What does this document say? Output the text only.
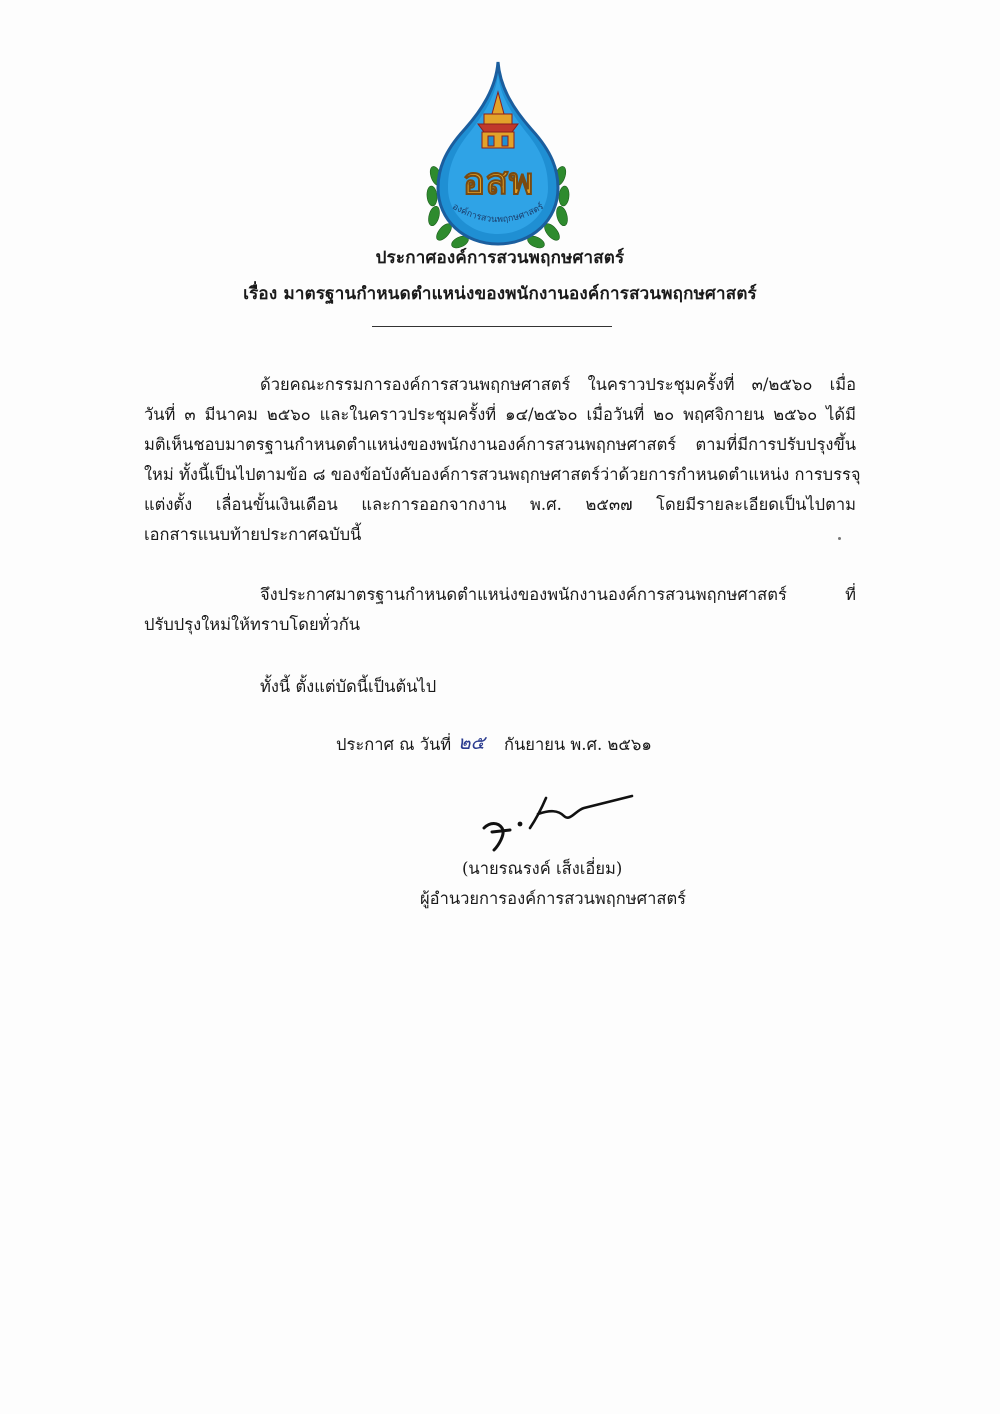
อสพ
องค์การสวนพฤกษศาสตร์
ประกาศองค์การสวนพฤกษศาสตร์
เรื่อง มาตรฐานกำหนดตำแหน่งของพนักงานองค์การสวนพฤกษศาสตร์
ด้วยคณะกรรมการองค์การสวนพฤกษศาสตร์ ในคราวประชุมครั้งที่ ๓/๒๕๖๐ เมื่อ
วันที่ ๓ มีนาคม ๒๕๖๐ และในคราวประชุมครั้งที่ ๑๔/๒๕๖๐ เมื่อวันที่ ๒๐ พฤศจิกายน ๒๕๖๐ ได้มี
มติเห็นชอบมาตรฐานกำหนดตำแหน่งของพนักงานองค์การสวนพฤกษศาสตร์ ตามที่มีการปรับปรุงขึ้น
ใหม่ ทั้งนี้เป็นไปตามข้อ ๘ ของข้อบังคับองค์การสวนพฤกษศาสตร์ว่าด้วยการกำหนดตำแหน่ง การบรรจุ
แต่งตั้ง เลื่อนขั้นเงินเดือน และการออกจากงาน พ.ศ. ๒๕๓๗ โดยมีรายละเอียดเป็นไปตาม
เอกสารแนบท้ายประกาศฉบับนี้
จึงประกาศมาตรฐานกำหนดตำแหน่งของพนักงานองค์การสวนพฤกษศาสตร์ ที่
ปรับปรุงใหม่ให้ทราบโดยทั่วกัน
ทั้งนี้ ตั้งแต่บัดนี้เป็นต้นไป
ประกาศ ณ วันที่ ๒๕ กันยายน พ.ศ. ๒๕๖๑
(นายรณรงค์ เส็งเอี่ยม)
ผู้อำนวยการองค์การสวนพฤกษศาสตร์
